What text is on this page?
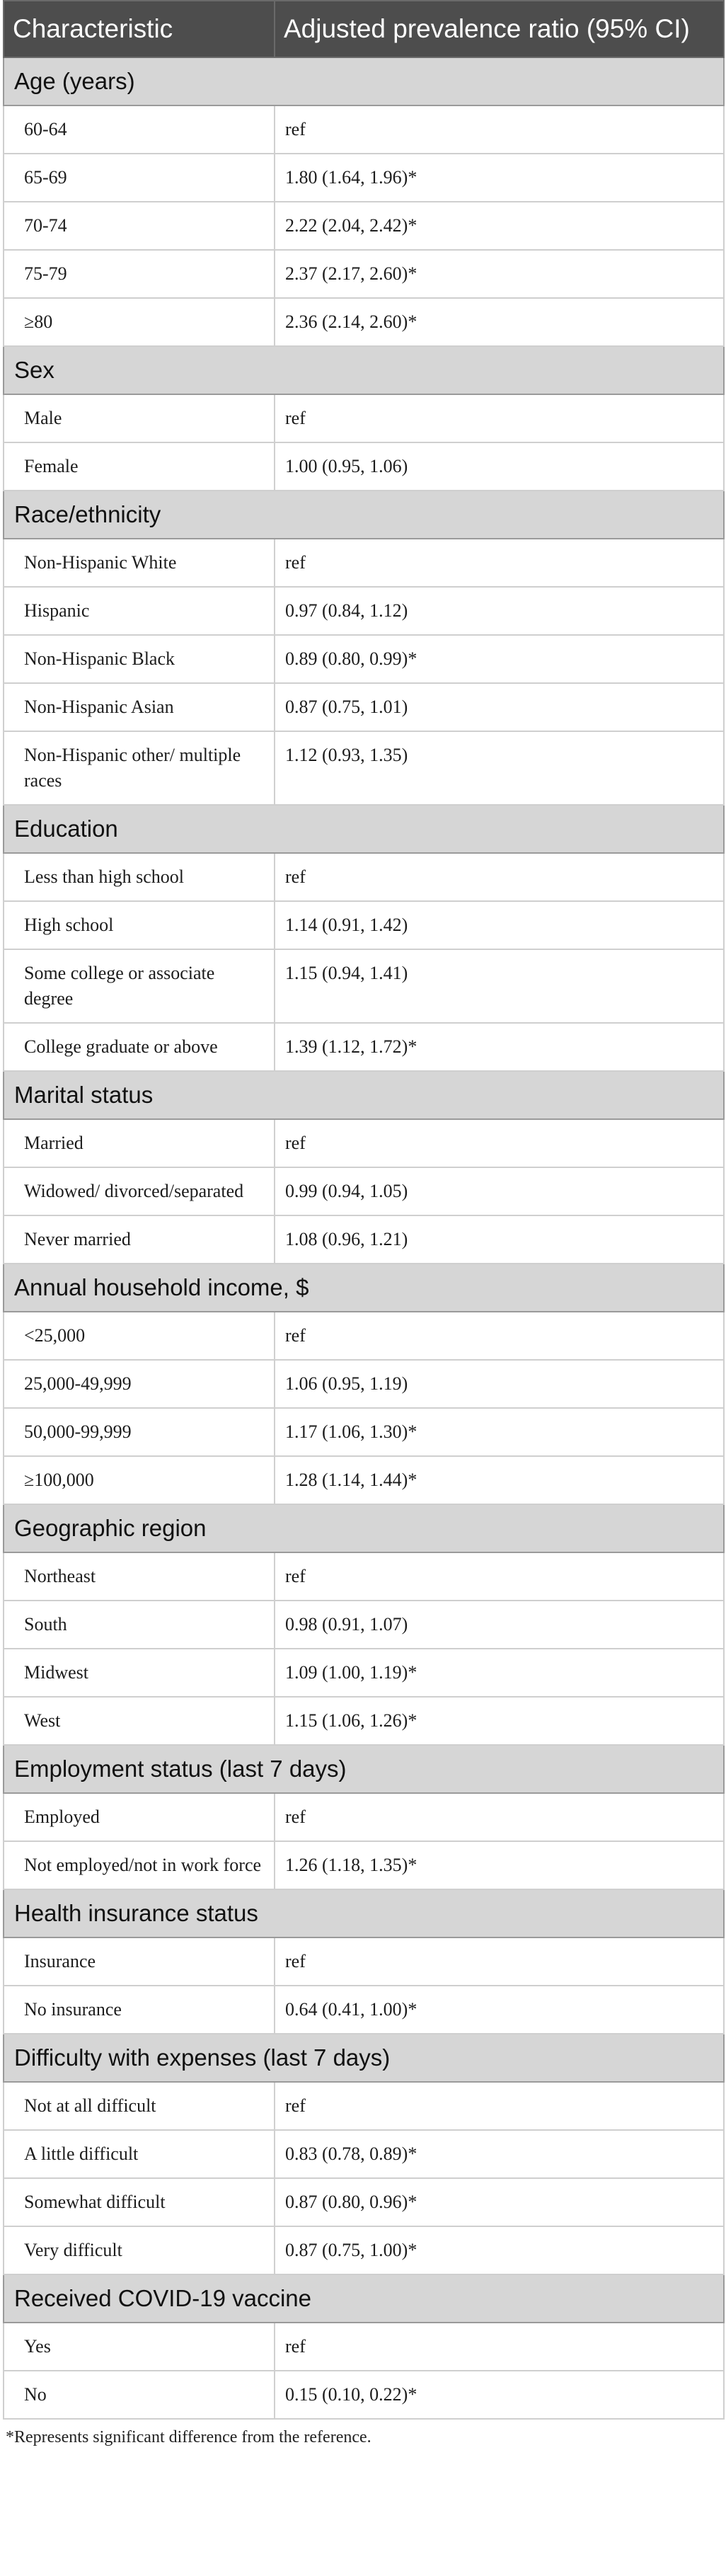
Characteristic	Adjusted prevalence ratio (95% CI)
Age (years)	
60-64	ref
65-69	1.80 (1.64, 1.96)*
70-74	2.22 (2.04, 2.42)*
75-79	2.37 (2.17, 2.60)*
≥80	2.36 (2.14, 2.60)*
Sex	
Male	ref
Female	1.00 (0.95, 1.06)
Race/ethnicity	
Non-Hispanic White	ref
Hispanic	0.97 (0.84, 1.12)
Non-Hispanic Black	0.89 (0.80, 0.99)*
Non-Hispanic Asian	0.87 (0.75, 1.01)
Non-Hispanic other/ multiple races	1.12 (0.93, 1.35)
Education	
Less than high school	ref
High school	1.14 (0.91, 1.42)
Some college or associate degree	1.15 (0.94, 1.41)
College graduate or above	1.39 (1.12, 1.72)*
Marital status	
Married	ref
Widowed/ divorced/separated	0.99 (0.94, 1.05)
Never married	1.08 (0.96, 1.21)
Annual household income, $	
<25,000	ref
25,000-49,999	1.06 (0.95, 1.19)
50,000-99,999	1.17 (1.06, 1.30)*
≥100,000	1.28 (1.14, 1.44)*
Geographic region	
Northeast	ref
South	0.98 (0.91, 1.07)
Midwest	1.09 (1.00, 1.19)*
West	1.15 (1.06, 1.26)*
Employment status (last 7 days)	
Employed	ref
Not employed/not in work force	1.26 (1.18, 1.35)*
Health insurance status	
Insurance	ref
No insurance	0.64 (0.41, 1.00)*
Difficulty with expenses (last 7 days)	
Not at all difficult	ref
A little difficult	0.83 (0.78, 0.89)*
Somewhat difficult	0.87 (0.80, 0.96)*
Very difficult	0.87 (0.75, 1.00)*
Received COVID-19 vaccine	
Yes	ref
No	0.15 (0.10, 0.22)*
*Represents significant difference from the reference.
